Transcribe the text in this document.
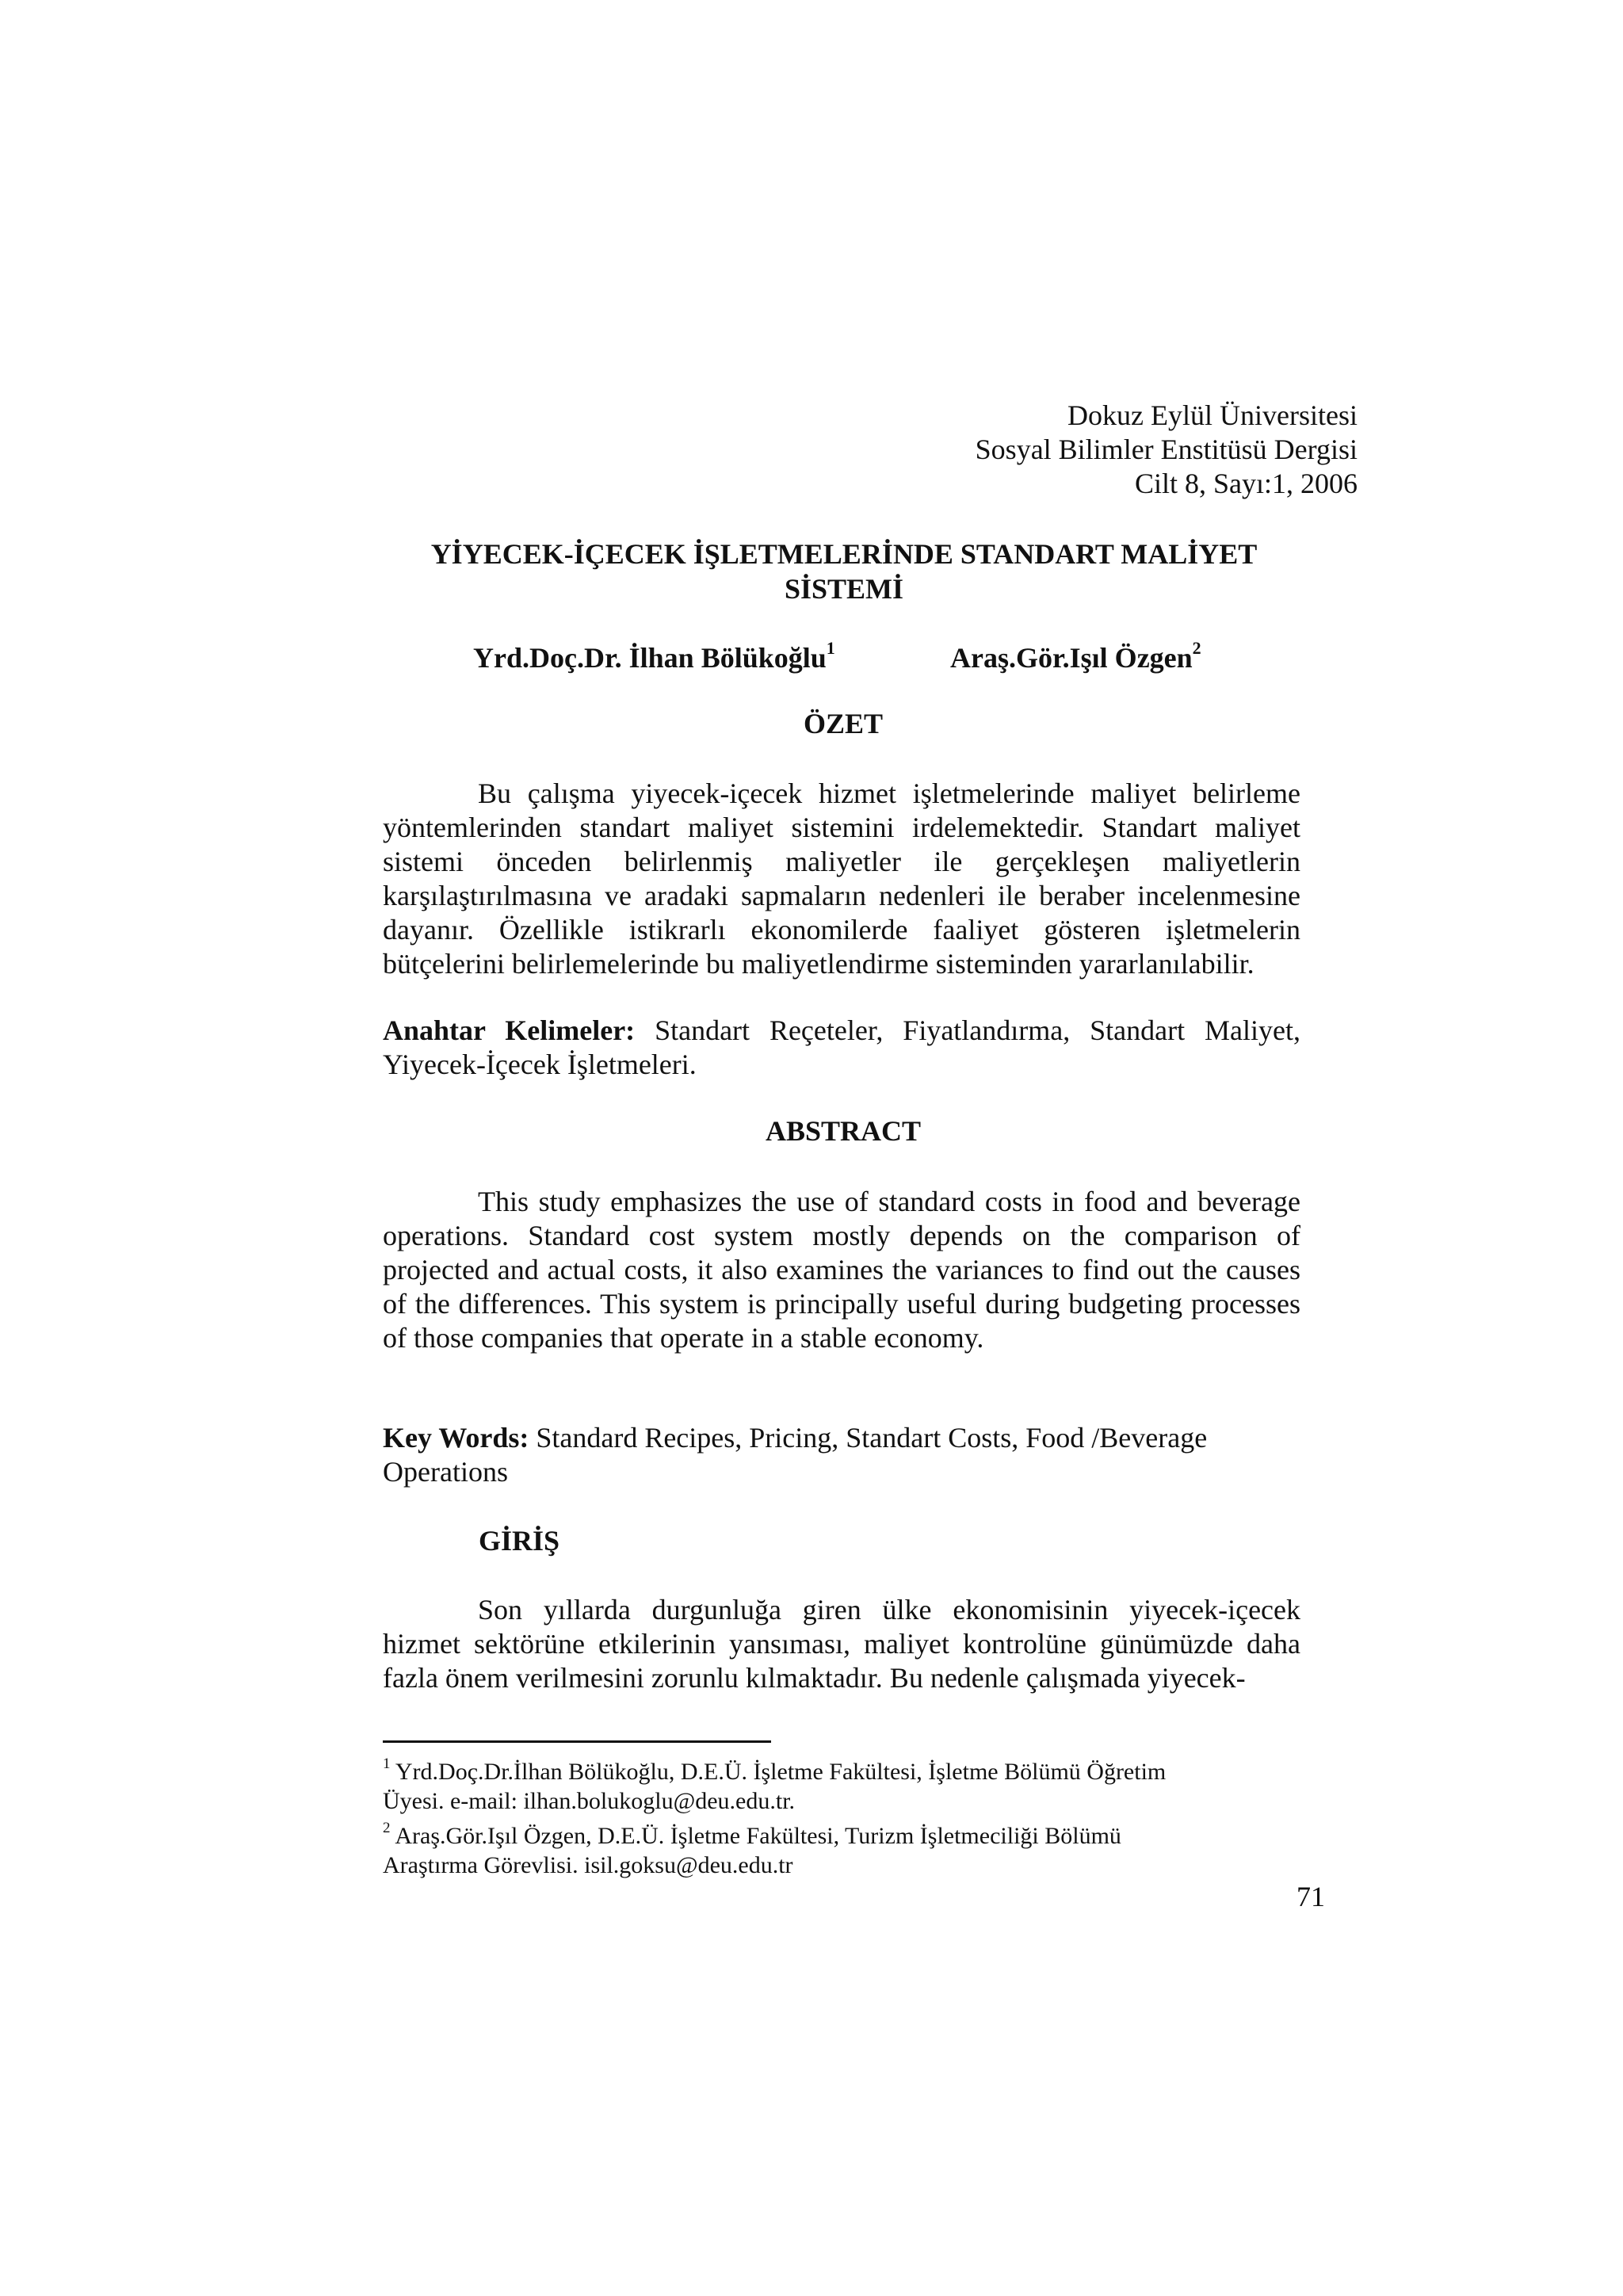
Dokuz Eylül Üniversitesi
Sosyal Bilimler Enstitüsü Dergisi
Cilt 8, Sayı:1, 2006
YİYECEK-İÇECEK İŞLETMELERİNDE STANDART MALİYET
SİSTEMİ
Yrd.Doç.Dr. İlhan Bölükoğlu$^1$	Araş.Gör.Işıl Özgen$^2$
ÖZET
Bu çalışma yiyecek-içecek hizmet işletmelerinde maliyet belirleme yöntemlerinden standart maliyet sistemini irdelemektedir. Standart maliyet sistemi önceden belirlenmiş maliyetler ile gerçekleşen maliyetlerin karşılaştırılmasına ve aradaki sapmaların nedenleri ile beraber incelenmesine dayanır. Özellikle istikrarlı ekonomilerde faaliyet gösteren işletmelerin bütçelerini belirlemelerinde bu maliyetlendirme sisteminden yararlanılabilir.
Anahtar Kelimeler: Standart Reçeteler, Fiyatlandırma, Standart Maliyet, Yiyecek-İçecek İşletmeleri.
ABSTRACT
This study emphasizes the use of standard costs in food and beverage operations. Standard cost system mostly depends on the comparison of projected and actual costs, it also examines the variances to find out the causes of the differences. This system is principally useful during budgeting processes of those companies that operate in a stable economy.
Key Words: Standard Recipes, Pricing, Standart Costs, Food /Beverage Operations
GİRİŞ
Son yıllarda durgunluğa giren ülke ekonomisinin yiyecek-içecek hizmet sektörüne etkilerinin yansıması, maliyet kontrolüne günümüzde daha fazla önem verilmesini zorunlu kılmaktadır. Bu nedenle çalışmada yiyecek-
$^1$ Yrd.Doç.Dr.İlhan Bölükoğlu, D.E.Ü. İşletme Fakültesi, İşletme Bölümü Öğretim
Üyesi. e-mail: ilhan.bolukoglu@deu.edu.tr.
$^2$ Araş.Gör.Işıl Özgen, D.E.Ü. İşletme Fakültesi, Turizm İşletmeciliği Bölümü
Araştırma Görevlisi. isil.goksu@deu.edu.tr
71
